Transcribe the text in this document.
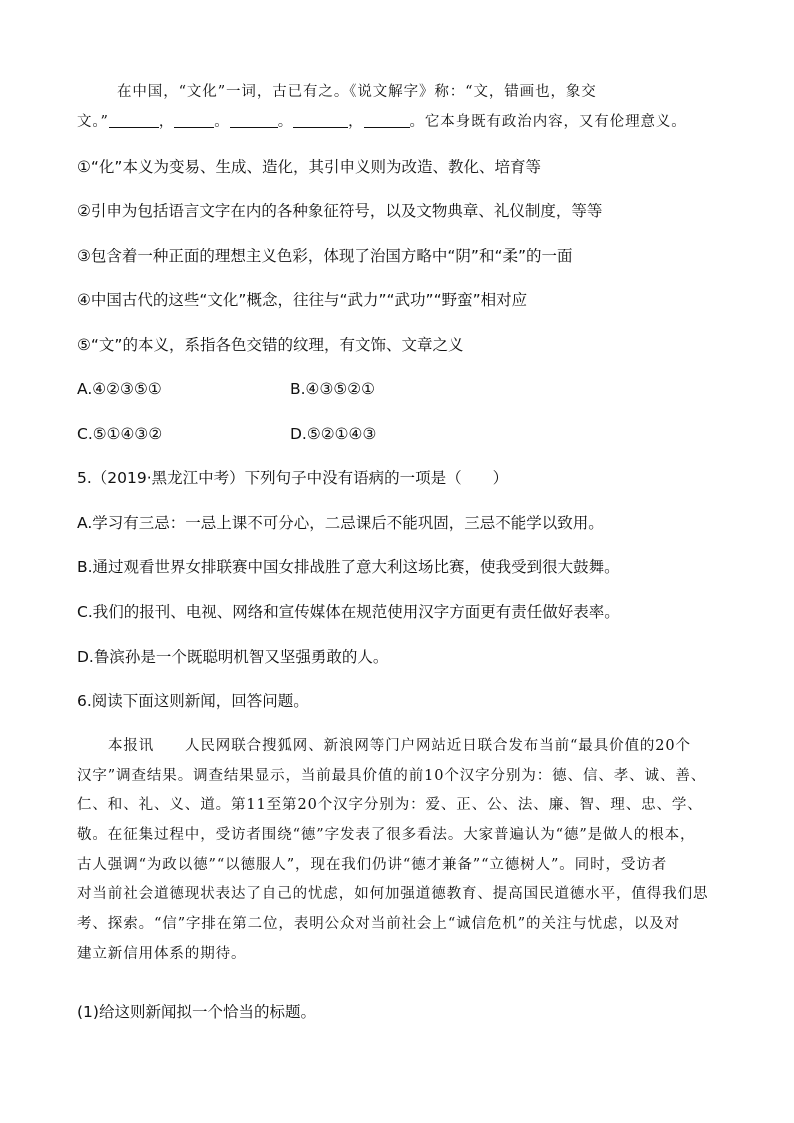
在中国，“文化”一词，古已有之。《说文解字》称：“文，错画也，象交
文。”	，	。	。	，	。它本身既有政治内容，又有伦理意义。
①“化”本义为变易、生成、造化，其引申义则为改造、教化、培育等
②引申为包括语言文字在内的各种象征符号，以及文物典章、礼仪制度，等等
③包含着一种正面的理想主义色彩，体现了治国方略中“阴”和“柔”的一面
④中国古代的这些“文化”概念，往往与“武力”“武功”“野蛮”相对应
⑤“文”的本义，系指各色交错的纹理，有文饰、文章之义
A.④②③⑤①	B.④③⑤②①
C.⑤①④③②	D.⑤②①④③
5.（2019·黑龙江中考）下列句子中没有语病的一项是（　　）
A.学习有三忌：一忌上课不可分心，二忌课后不能巩固，三忌不能学以致用。
B.通过观看世界女排联赛中国女排战胜了意大利这场比赛，使我受到很大鼓舞。
C.我们的报刊、电视、网络和宣传媒体在规范使用汉字方面更有责任做好表率。
D.鲁滨孙是一个既聪明机智又坚强勇敢的人。
6.阅读下面这则新闻，回答问题。
本报讯　　人民网联合搜狐网、新浪网等门户网站近日联合发布当前“最具价值的20个
汉字”调查结果。调查结果显示，当前最具价值的前10个汉字分别为：德、信、孝、诚、善、
仁、和、礼、义、道。第11至第20个汉字分别为：爱、正、公、法、廉、智、理、忠、学、
敬。在征集过程中，受访者围绕“德”字发表了很多看法。大家普遍认为“德”是做人的根本，
古人强调“为政以德”“以德服人”，现在我们仍讲“德才兼备”“立德树人”。同时，受访者
对当前社会道德现状表达了自己的忧虑，如何加强道德教育、提高国民道德水平，值得我们思
考、探索。“信”字排在第二位，表明公众对当前社会上“诚信危机”的关注与忧虑，以及对
建立新信用体系的期待。
(1)给这则新闻拟一个恰当的标题。
